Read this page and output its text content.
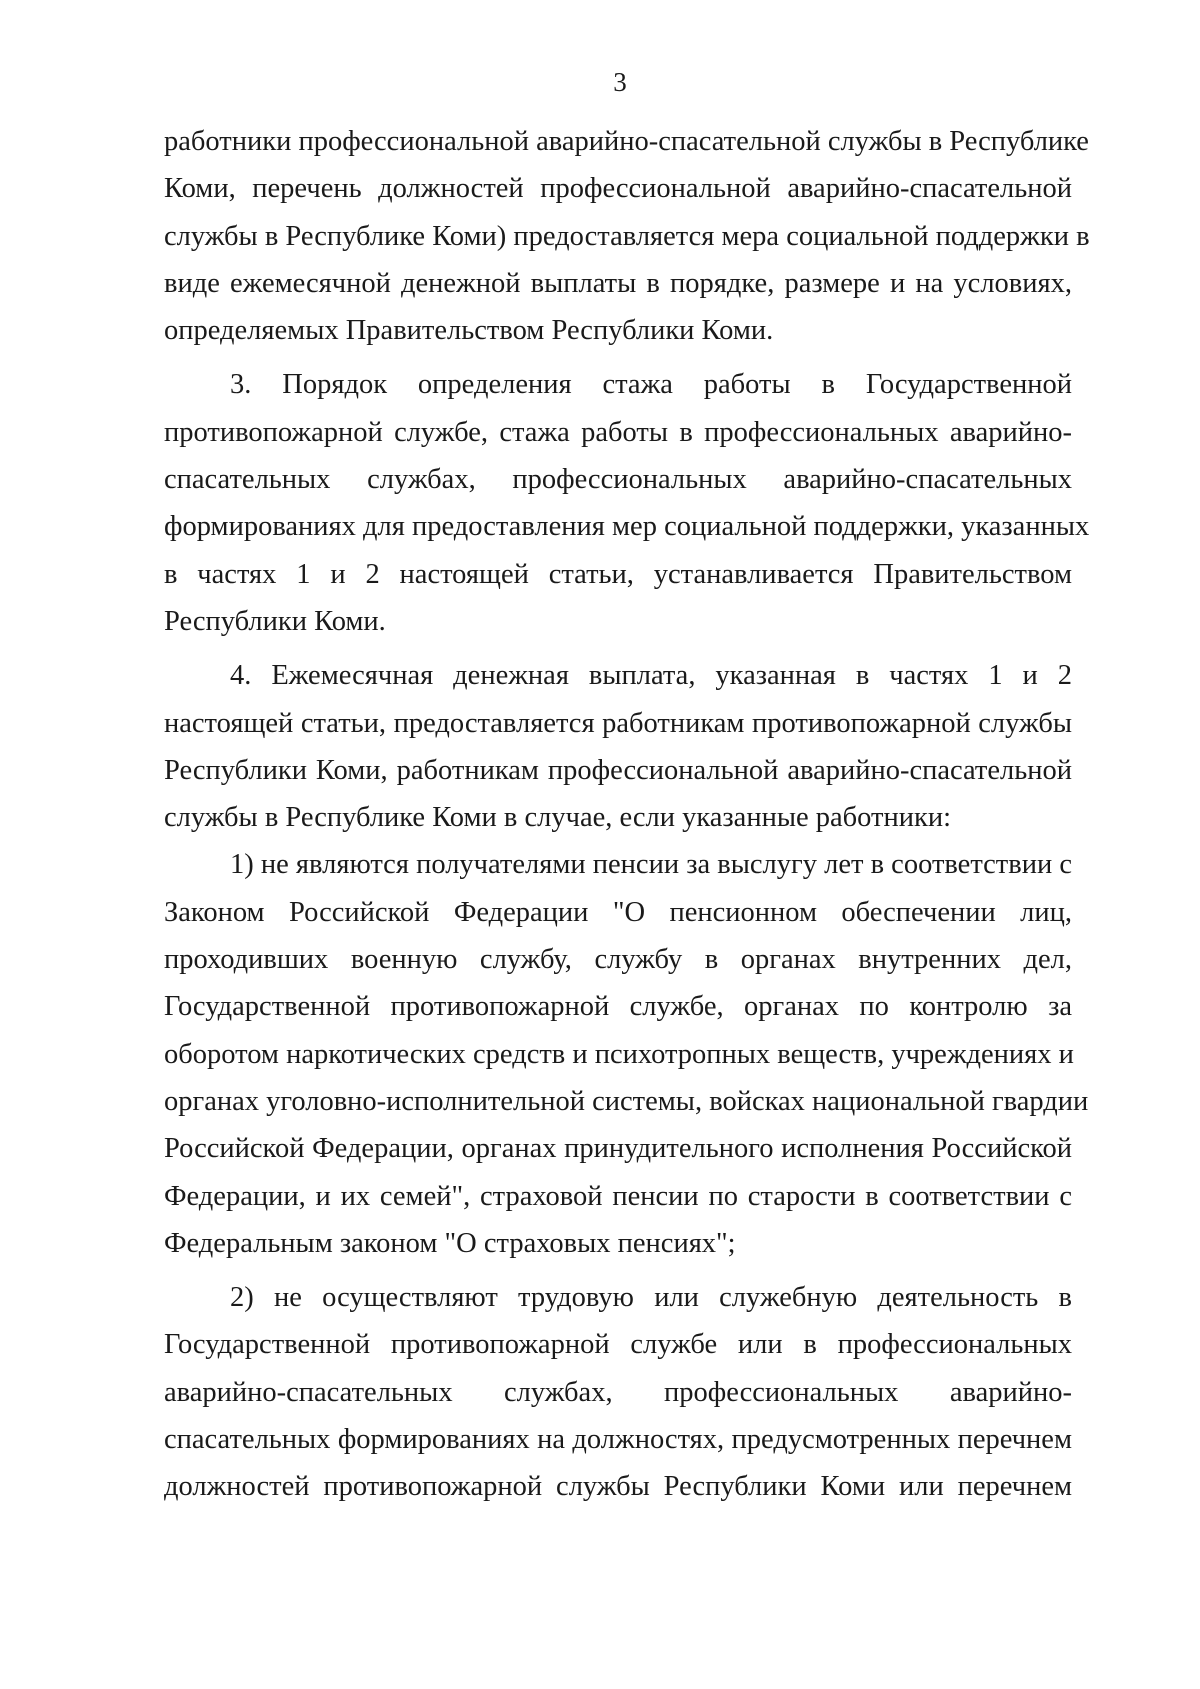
3
работники профессиональной аварийно-спасательной службы в Республике
Коми, перечень должностей профессиональной аварийно-спасательной
службы в Республике Коми) предоставляется мера социальной поддержки в
виде ежемесячной денежной выплаты в порядке, размере и на условиях,
определяемых Правительством Республики Коми.
3. Порядок определения стажа работы в Государственной
противопожарной службе, стажа работы в профессиональных аварийно-
спасательных службах, профессиональных аварийно-спасательных
формированиях для предоставления мер социальной поддержки, указанных
в частях 1 и 2 настоящей статьи, устанавливается Правительством
Республики Коми.
4. Ежемесячная денежная выплата, указанная в частях 1 и 2
настоящей статьи, предоставляется работникам противопожарной службы
Республики Коми, работникам профессиональной аварийно-спасательной
службы в Республике Коми в случае, если указанные работники:
1) не являются получателями пенсии за выслугу лет в соответствии с
Законом Российской Федерации "О пенсионном обеспечении лиц,
проходивших военную службу, службу в органах внутренних дел,
Государственной противопожарной службе, органах по контролю за
оборотом наркотических средств и психотропных веществ, учреждениях и
органах уголовно-исполнительной системы, войсках национальной гвардии
Российской Федерации, органах принудительного исполнения Российской
Федерации, и их семей", страховой пенсии по старости в соответствии с
Федеральным законом "О страховых пенсиях";
2) не осуществляют трудовую или служебную деятельность в
Государственной противопожарной службе или в профессиональных
аварийно-спасательных службах, профессиональных аварийно-
спасательных формированиях на должностях, предусмотренных перечнем
должностей противопожарной службы Республики Коми или перечнем
